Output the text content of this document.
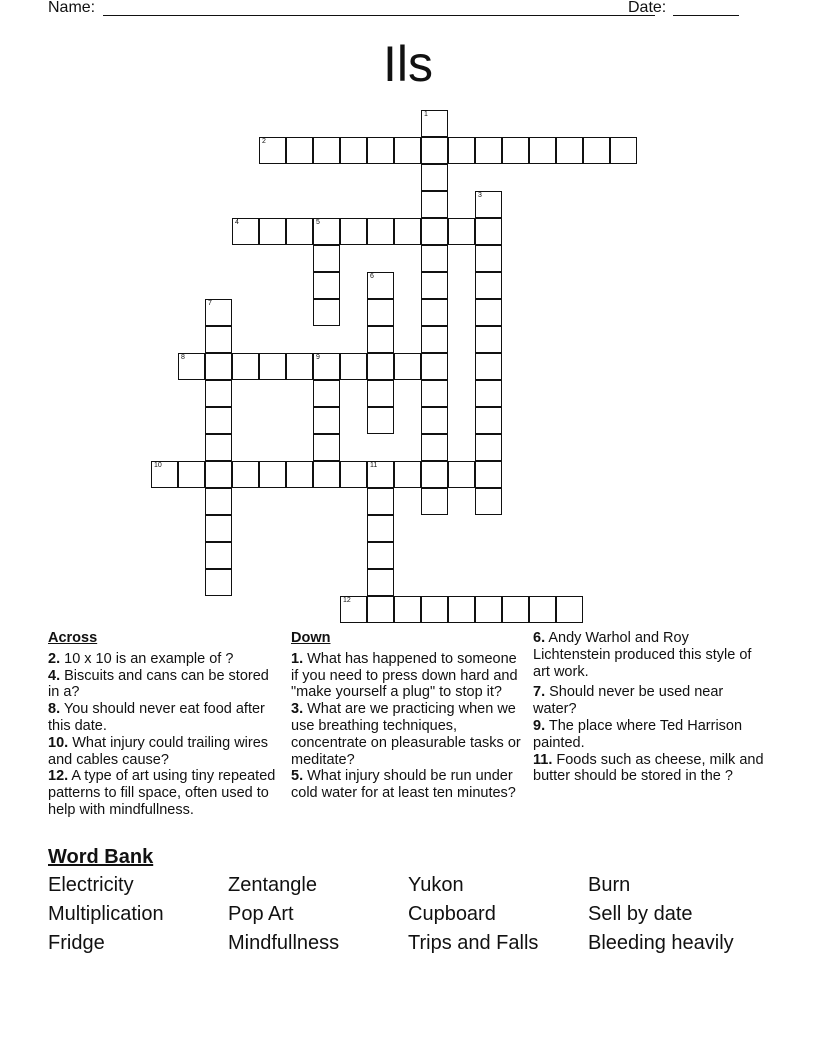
Name:	Date:
Ils
1
2
3
4	5
6
7
8	9
10	11
12
Across

2. 10 x 10 is an example of ?

4. Biscuits and cans can be stored in a?

8. You should never eat food after this date.

10. What injury could trailing wires and cables cause?

12. A type of art using tiny repeated patterns to fill space, often used to help with mindfullness.

Down

1. What has happened to someone if you need to press down hard and "make yourself a plug" to stop it?

3. What are we practicing when we use breathing techniques, concentrate on pleasurable tasks or meditate?

5. What injury should be run under cold water for at least ten minutes?

6. Andy Warhol and Roy Lichtenstein produced this style of art work.

7. Should never be used near water?

9. The place where Ted Harrison painted.

11. Foods such as cheese, milk and butter should be stored in the ?

Word Bank
Electricity	Zentangle	Yukon	Burn
Multiplication	Pop Art	Cupboard	Sell by date
Fridge	Mindfullness	Trips and Falls	Bleeding heavily
